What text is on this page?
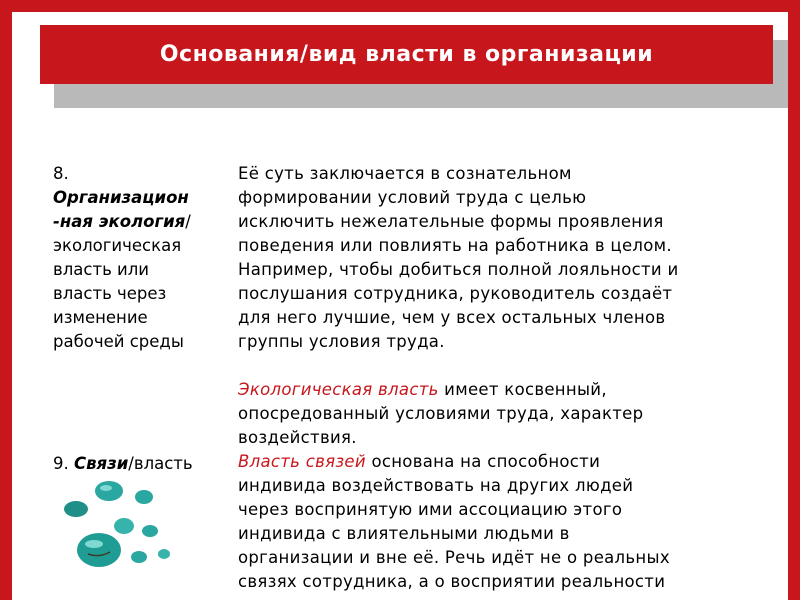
Основания/вид власти в организации
8.
Организацион
-ная экология/
экологическая
власть или
власть через
изменение
рабочей среды

Её суть заключается в сознательном

формировании условий труда с целью

исключить нежелательные формы проявления

поведения или повлиять на работника в целом.

Например, чтобы добиться полной лояльности и

послушания сотрудника, руководитель создаёт

для него лучшие, чем у всех остальных членов

группы условия труда.

Экологическая власть имеет косвенный,

опосредованный условиями труда, характер

воздействия.

Власть связей основана на способности

индивида воздействовать на других людей

через воспринятую ими ассоциацию этого

индивида с влиятельными людьми в

организации и вне её. Речь идёт не о реальных

связях сотрудника, а о восприятии реальности

9. Связи/власть
